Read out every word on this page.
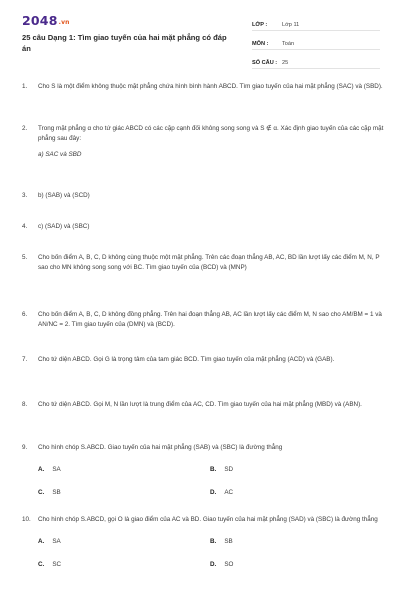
2048.vn
25 câu Dạng 1: Tìm giao tuyến của hai mặt phẳng có đáp án
LỚP :	Lớp 11
MÔN :	Toán
SỐ CÂU : 25
1. Cho S là một điểm không thuộc mặt phẳng chứa hình bình hành ABCD. Tìm giao tuyến của hai mặt phẳng (SAC) và (SBD).
2. Trong mặt phẳng α cho tứ giác ABCD có các cặp cạnh đối không song song và S ∉ α. Xác định giao tuyến của các cặp mặt phẳng sau đây:
a) SAC và SBD
3. b) (SAB) và (SCD)
4. c) (SAD) và (SBC)
5. Cho bốn điểm A, B, C, D không cùng thuộc một mặt phẳng. Trên các đoạn thẳng AB, AC, BD lần lượt lấy các điểm M, N, P sao cho MN không song song với BC. Tìm giao tuyến của (BCD) và (MNP)
6. Cho bốn điểm A, B, C, D không đồng phẳng. Trên hai đoạn thẳng AB, AC lần lượt lấy các điểm M, N sao cho AM/BM = 1 và AN/NC = 2. Tìm giao tuyến của (DMN) và (BCD).
7. Cho tứ diện ABCD. Gọi G là trọng tâm của tam giác BCD. Tìm giao tuyến của mặt phẳng (ACD) và (GAB).
8. Cho tứ diện ABCD. Gọi M, N lần lượt là trung điểm của AC, CD. Tìm giao tuyến của hai mặt phẳng (MBD) và (ABN).
9. Cho hình chóp S.ABCD. Giao tuyến của hai mặt phẳng (SAB) và (SBC) là đường thẳng
A. SA	B. SD
C. SB	D. AC
10. Cho hình chóp S.ABCD, gọi O là giao điểm của AC và BD. Giao tuyến của hai mặt phẳng (SAD) và (SBC) là đường thẳng
A. SA	B. SB
C. SC	D. SO
